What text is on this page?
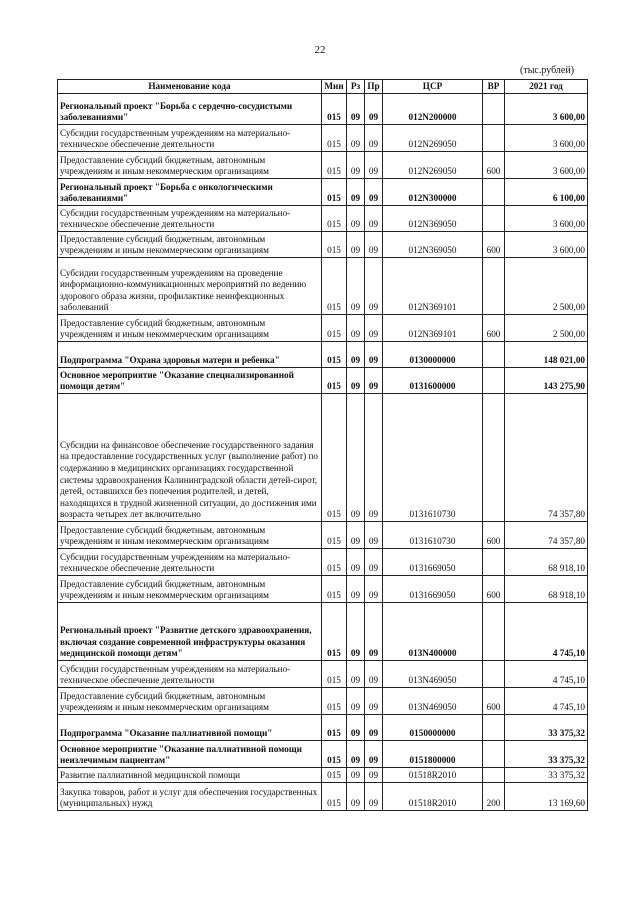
22
(тыс.рублей)
Наименование кода	Мин	Рз	Пр	ЦСР	ВР	2021 год
Региональный проект "Борьба с сердечно-сосудистыми заболеваниями"	015	09	09	012N200000		3 600,00
Субсидии государственным учреждениям на материально-техническое обеспечение деятельности	015	09	09	012N269050		3 600,00
Предоставление субсидий бюджетным, автономным учреждениям и иным некоммерческим организациям	015	09	09	012N269050	600	3 600,00
Региональный проект "Борьба с онкологическими заболеваниями"	015	09	09	012N300000		6 100,00
Субсидии государственным учреждениям на материально-техническое обеспечение деятельности	015	09	09	012N369050		3 600,00
Предоставление субсидий бюджетным, автономным учреждениям и иным некоммерческим организациям	015	09	09	012N369050	600	3 600,00
Субсидии государственным учреждениям на проведение информационно-коммуникационных мероприятий по ведению здорового образа жизни, профилактике неинфекционных заболеваний	015	09	09	012N369101		2 500,00
Предоставление субсидий бюджетным, автономным учреждениям и иным некоммерческим организациям	015	09	09	012N369101	600	2 500,00
Подпрограмма "Охрана здоровья матери и ребенка"	015	09	09	0130000000		148 021,00
Основное мероприятие "Оказание специализированной помощи детям"	015	09	09	0131600000		143 275,90
Субсидии на финансовое обеспечение государственного задания на предоставление государственных услуг (выполнение работ) по содержанию в медицинских организациях государственной системы здравоохранения Калининградской области детей-сирот, детей, оставшихся без попечения родителей, и детей, находящихся в трудной жизненной ситуации, до достижения ими возраста четырех лет включительно	015	09	09	0131610730		74 357,80
Предоставление субсидий бюджетным, автономным учреждениям и иным некоммерческим организациям	015	09	09	0131610730	600	74 357,80
Субсидии государственным учреждениям на материально-техническое обеспечение деятельности	015	09	09	0131669050		68 918,10
Предоставление субсидий бюджетным, автономным учреждениям и иным некоммерческим организациям	015	09	09	0131669050	600	68 918,10
Региональный проект "Развитие детского здравоохранения, включая создание современной инфраструктуры оказания медицинской помощи детям"	015	09	09	013N400000		4 745,10
Субсидии государственным учреждениям на материально-техническое обеспечение деятельности	015	09	09	013N469050		4 745,10
Предоставление субсидий бюджетным, автономным учреждениям и иным некоммерческим организациям	015	09	09	013N469050	600	4 745,10
Подпрограмма "Оказание паллиативной помощи"	015	09	09	0150000000		33 375,32
Основное мероприятие "Оказание паллиативной помощи неизлечимым пациентам"	015	09	09	0151800000		33 375,32
Развитие паллиативной медицинской помощи	015	09	09	01518R2010		33 375,32
Закупка товаров, работ и услуг для обеспечения государственных (муниципальных) нужд	015	09	09	01518R2010	200	13 169,60
